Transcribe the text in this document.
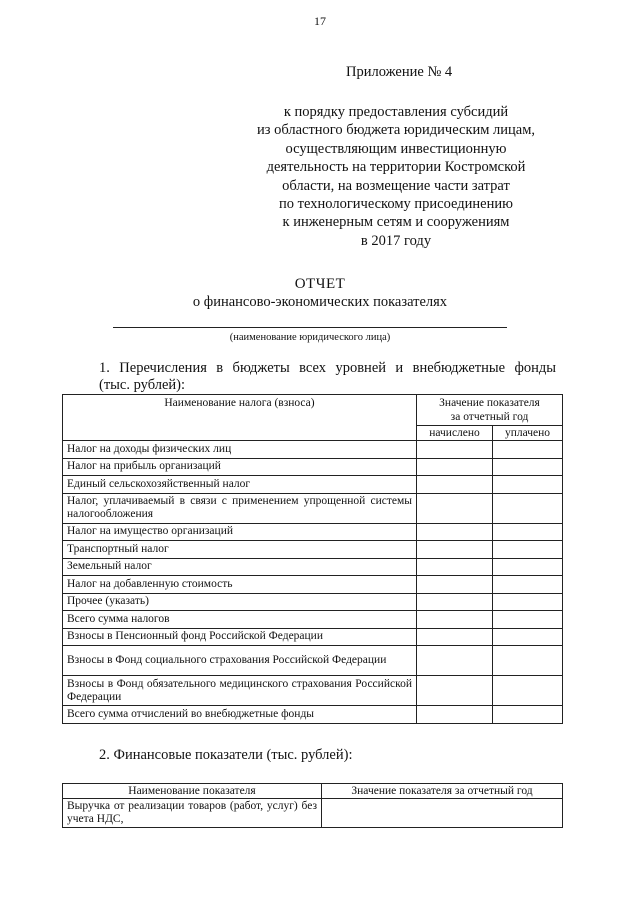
17
Приложение № 4
к порядку предоставления субсидий
из областного бюджета юридическим лицам,
осуществляющим инвестиционную
деятельность на территории Костромской
области, на возмещение части затрат
по технологическому присоединению
к инженерным сетям и сооружениям
в 2017 году
ОТЧЕТ
о финансово-экономических показателях
(наименование юридического лица)
1. Перечисления в бюджеты всех уровней и внебюджетные фонды
(тыс. рублей):
Наименование налога (взноса)	Значение показателя
за отчетный год	

	начислено	уплачено
Налог на доходы физических лиц		
Налог на прибыль организаций		
Единый сельскохозяйственный налог		
Налог, уплачиваемый в связи с применением упрощенной системы налогообложения		
Налог на имущество организаций		
Транспортный налог		
Земельный налог		
Налог на добавленную стоимость		
Прочее (указать)		
Всего сумма налогов		
Взносы в Пенсионный фонд Российской Федерации		
Взносы в Фонд социального страхования Российской Федерации		
Взносы в Фонд обязательного медицинского страхования Российской Федерации		
Всего сумма отчислений во внебюджетные фонды		
2. Финансовые показатели (тыс. рублей):
Наименование показателя	Значение показателя за отчетный год
Выручка от реализации товаров (работ, услуг) без учета НДС,	
